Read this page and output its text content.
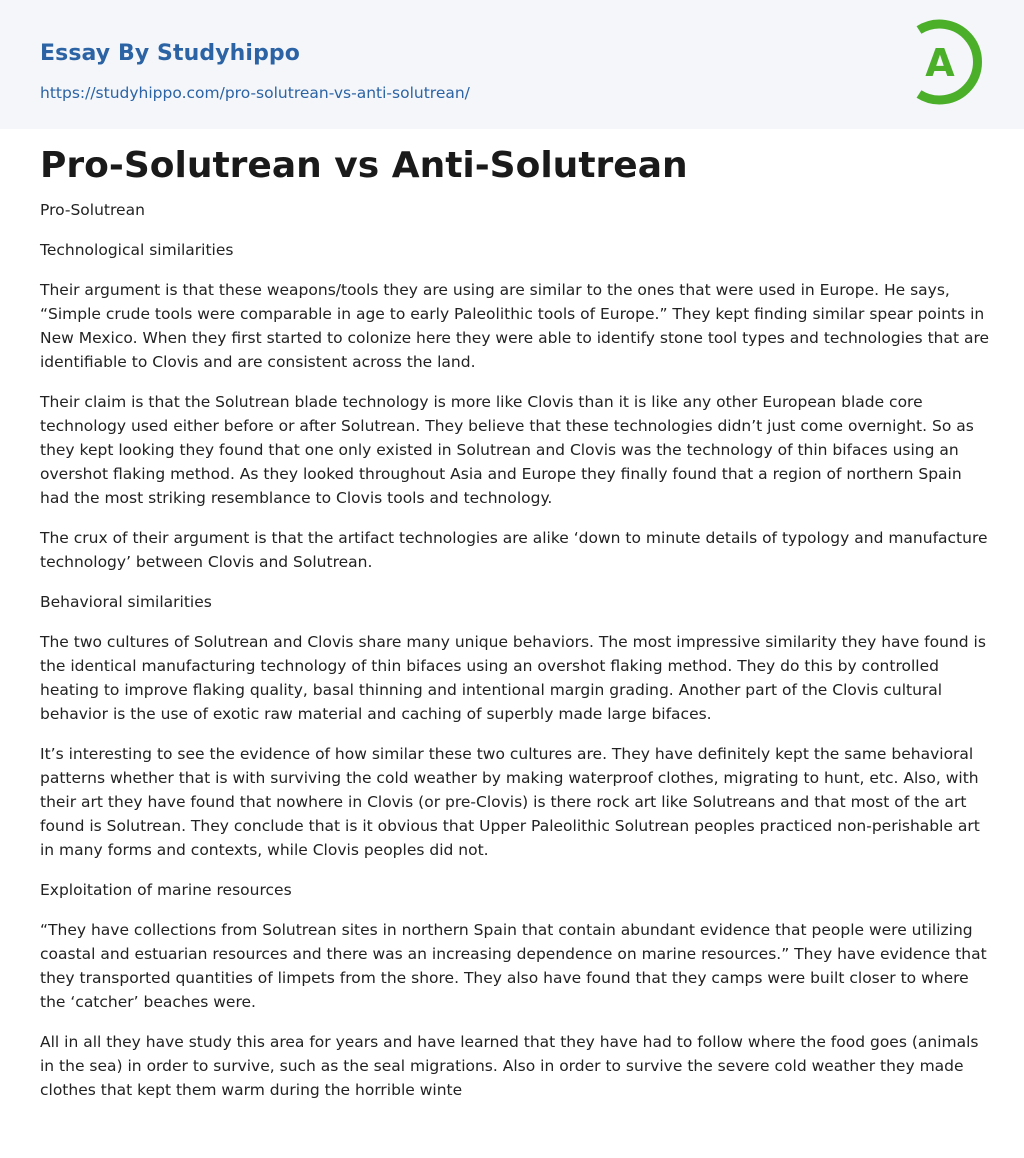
Essay By Studyhippo
https://studyhippo.com/pro-solutrean-vs-anti-solutrean/
A
Pro-Solutrean vs Anti-Solutrean

Pro-Solutrean

Technological similarities

Their argument is that these weapons/tools they are using are similar to the ones that were used in Europe. He says, “Simple crude tools were comparable in age to early Paleolithic tools of Europe.” They kept finding similar spear points in New Mexico. When they first started to colonize here they were able to identify stone tool types and technologies that are identifiable to Clovis and are consistent across the land.

Their claim is that the Solutrean blade technology is more like Clovis than it is like any other European blade core technology used either before or after Solutrean. They believe that these technologies didn’t just come overnight. So as they kept looking they found that one only existed in Solutrean and Clovis was the technology of thin bifaces using an overshot flaking method. As they looked throughout Asia and Europe they finally found that a region of northern Spain had the most striking resemblance to Clovis tools and technology.

The crux of their argument is that the artifact technologies are alike ‘down to minute details of typology and manufacture technology’ between Clovis and Solutrean.

Behavioral similarities

The two cultures of Solutrean and Clovis share many unique behaviors. The most impressive similarity they have found is the identical manufacturing technology of thin bifaces using an overshot flaking method. They do this by controlled heating to improve flaking quality, basal thinning and intentional margin grading. Another part of the Clovis cultural behavior is the use of exotic raw material and caching of superbly made large bifaces.

It’s interesting to see the evidence of how similar these two cultures are. They have definitely kept the same behavioral patterns whether that is with surviving the cold weather by making waterproof clothes, migrating to hunt, etc. Also, with their art they have found that nowhere in Clovis (or pre-Clovis) is there rock art like Solutreans and that most of the art found is Solutrean. They conclude that is it obvious that Upper Paleolithic Solutrean peoples practiced non-perishable art in many forms and contexts, while Clovis peoples did not.

Exploitation of marine resources

“They have collections from Solutrean sites in northern Spain that contain abundant evidence that people were utilizing coastal and estuarian resources and there was an increasing dependence on marine resources.” They have evidence that they transported quantities of limpets from the shore. They also have found that they camps were built closer to where the ‘catcher’ beaches were.

All in all they have study this area for years and have learned that they have had to follow where the food goes (animals in the sea) in order to survive, such as the seal migrations. Also in order to survive the severe cold weather they made clothes that kept them warm during the horrible winte
